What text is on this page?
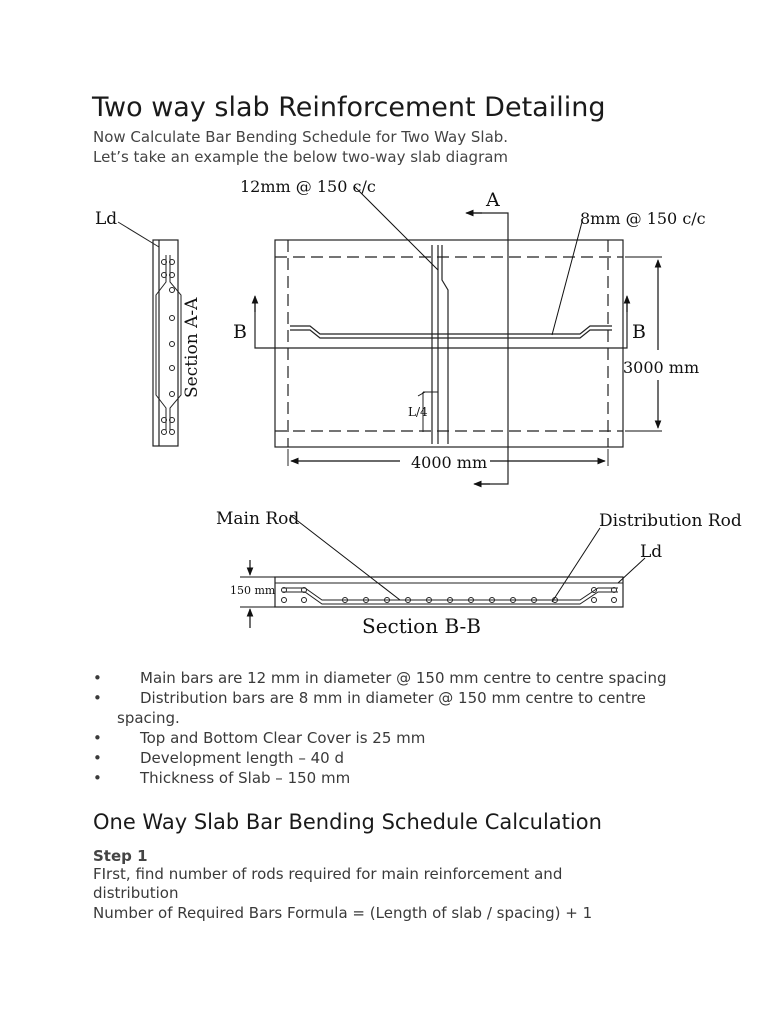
Two way slab Reinforcement Detailing
Now Calculate Bar Bending Schedule for Two Way Slab.
Let’s take an example the below two-way slab diagram
Ld
Section A-A
12mm @ 150 c/c
A
8mm @ 150 c/c
B	B
3000 mm
L/4
4000 mm
Main Rod	Distribution Rod
Ld
150 mm
Section B-B
•	Main bars are 12 mm in diameter @ 150 mm centre to centre spacing
•	Distribution bars are 8 mm in diameter @ 150 mm centre to centre spacing.
•	Top and Bottom Clear Cover is 25 mm
•	Development length – 40 d
•	Thickness of Slab – 150 mm
One Way Slab Bar Bending Schedule Calculation
Step 1
FIrst, find number of rods required for main reinforcement and
distribution
Number of Required Bars Formula = (Length of slab / spacing) + 1
